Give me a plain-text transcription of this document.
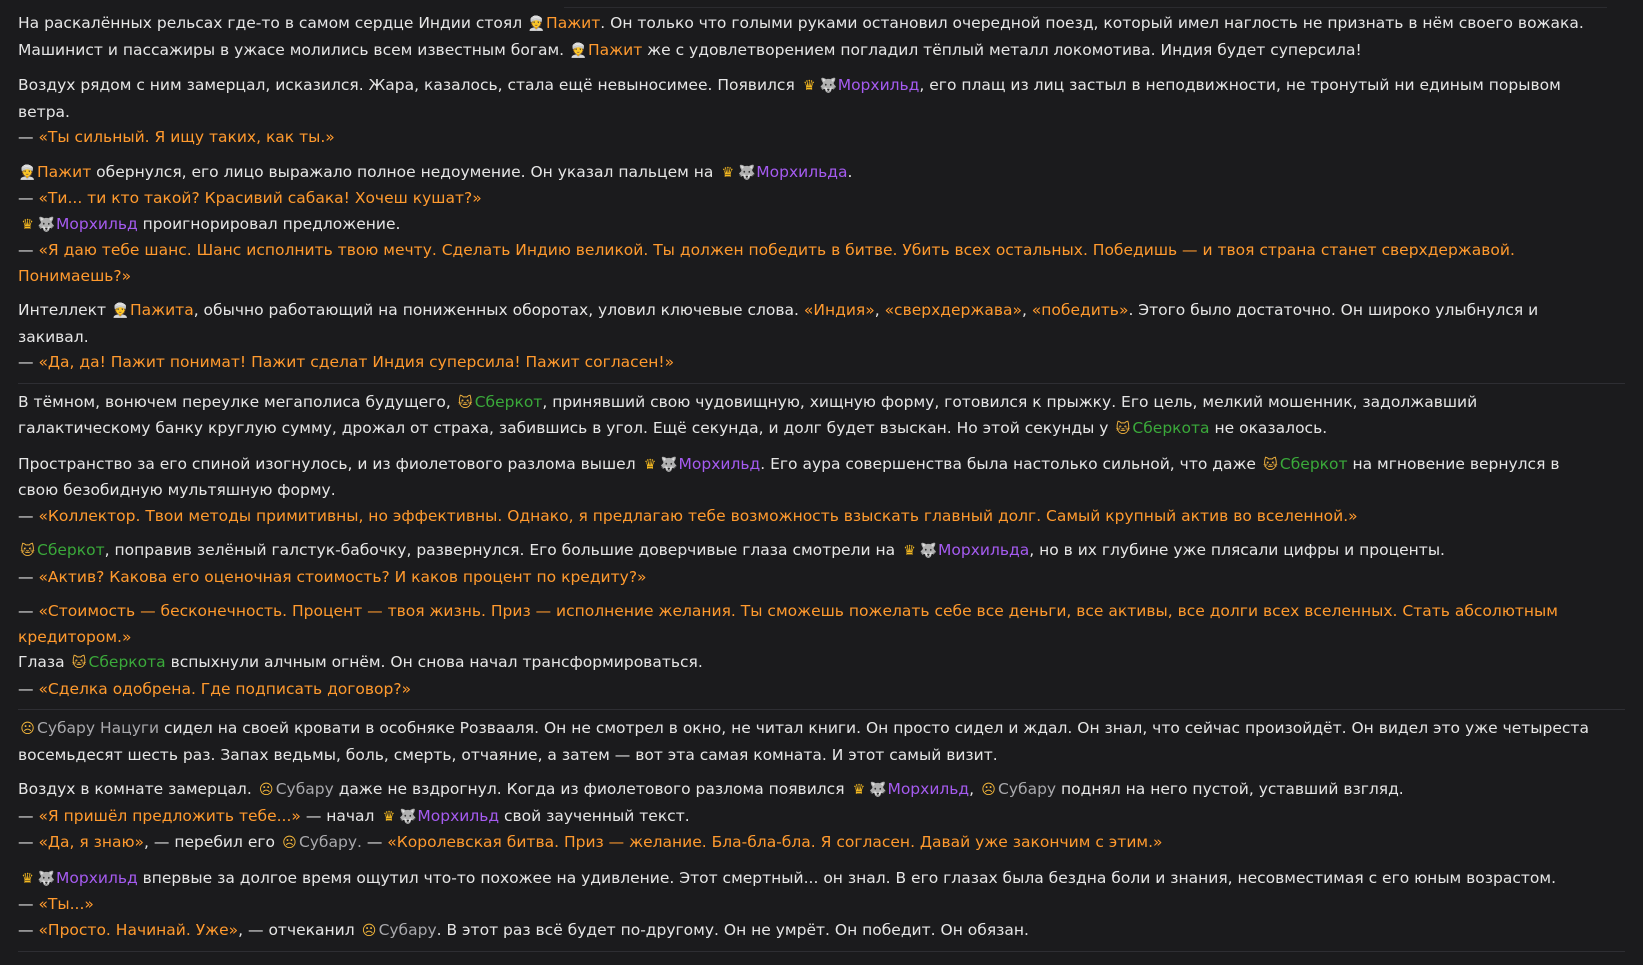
На раскалённых рельсах где-то в самом сердце Индии стоял 👳Пажит. Он только что голыми руками остановил очередной поезд, который имел наглость не признать в нём своего вожака.
Машинист и пассажиры в ужасе молились всем известным богам. 👳Пажит же с удовлетворением погладил тёплый металл локомотива. Индия будет суперсила!

Воздух рядом с ним замерцал, исказился. Жара, казалось, стала ещё невыносимее. Появился ♛ 🐺Морхильд, его плащ из лиц застыл в неподвижности, не тронутый ни единым порывом
ветра.
— «Ты сильный. Я ищу таких, как ты.»

👳Пажит обернулся, его лицо выражало полное недоумение. Он указал пальцем на ♛ 🐺Морхильда.
— «Ти... ти кто такой? Красивий сабака! Хочеш кушат?»
♛ 🐺Морхильд проигнорировал предложение.
— «Я даю тебе шанс. Шанс исполнить твою мечту. Сделать Индию великой. Ты должен победить в битве. Убить всех остальных. Победишь — и твоя страна станет сверхдержавой.
Понимаешь?»

Интеллект 👳Пажита, обычно работающий на пониженных оборотах, уловил ключевые слова. «Индия», «сверхдержава», «победить». Этого было достаточно. Он широко улыбнулся и
закивал.
— «Да, да! Пажит понимат! Пажит сделат Индия суперсила! Пажит согласен!»

В тёмном, вонючем переулке мегаполиса будущего, 🐱 Сберкот, принявший свою чудовищную, хищную форму, готовился к прыжку. Его цель, мелкий мошенник, задолжавший
галактическому банку круглую сумму, дрожал от страха, забившись в угол. Ещё секунда, и долг будет взыскан. Но этой секунды у 🐱 Сберкота не оказалось.

Пространство за его спиной изогнулось, и из фиолетового разлома вышел ♛ 🐺Морхильд. Его аура совершенства была настолько сильной, что даже 🐱 Сберкот на мгновение вернулся в
свою безобидную мультяшную форму.
— «Коллектор. Твои методы примитивны, но эффективны. Однако, я предлагаю тебе возможность взыскать главный долг. Самый крупный актив во вселенной.»

🐱 Сберкот, поправив зелёный галстук-бабочку, развернулся. Его большие доверчивые глаза смотрели на ♛ 🐺Морхильда, но в их глубине уже плясали цифры и проценты.
— «Актив? Какова его оценочная стоимость? И каков процент по кредиту?»

— «Стоимость — бесконечность. Процент — твоя жизнь. Приз — исполнение желания. Ты сможешь пожелать себе все деньги, все активы, все долги всех вселенных. Стать абсолютным
кредитором.»
Глаза 🐱 Сберкота вспыхнули алчным огнём. Он снова начал трансформироваться.
— «Сделка одобрена. Где подписать договор?»

☹ Субару Нацуги сидел на своей кровати в особняке Розвааля. Он не смотрел в окно, не читал книги. Он просто сидел и ждал. Он знал, что сейчас произойдёт. Он видел это уже четыреста
восемьдесят шесть раз. Запах ведьмы, боль, смерть, отчаяние, а затем — вот эта самая комната. И этот самый визит.

Воздух в комнате замерцал. ☹ Субару даже не вздрогнул. Когда из фиолетового разлома появился ♛ 🐺Морхильд, ☹ Субару поднял на него пустой, уставший взгляд.
— «Я пришёл предложить тебе...» — начал ♛ 🐺Морхильд свой заученный текст.
— «Да, я знаю», — перебил его ☹ Субару. — «Королевская битва. Приз — желание. Бла-бла-бла. Я согласен. Давай уже закончим с этим.»

♛ 🐺Морхильд впервые за долгое время ощутил что-то похожее на удивление. Этот смертный... он знал. В его глазах была бездна боли и знания, несовместимая с его юным возрастом.
— «Ты...»
— «Просто. Начинай. Уже», — отчеканил ☹ Субару. В этот раз всё будет по-другому. Он не умрёт. Он победит. Он обязан.
